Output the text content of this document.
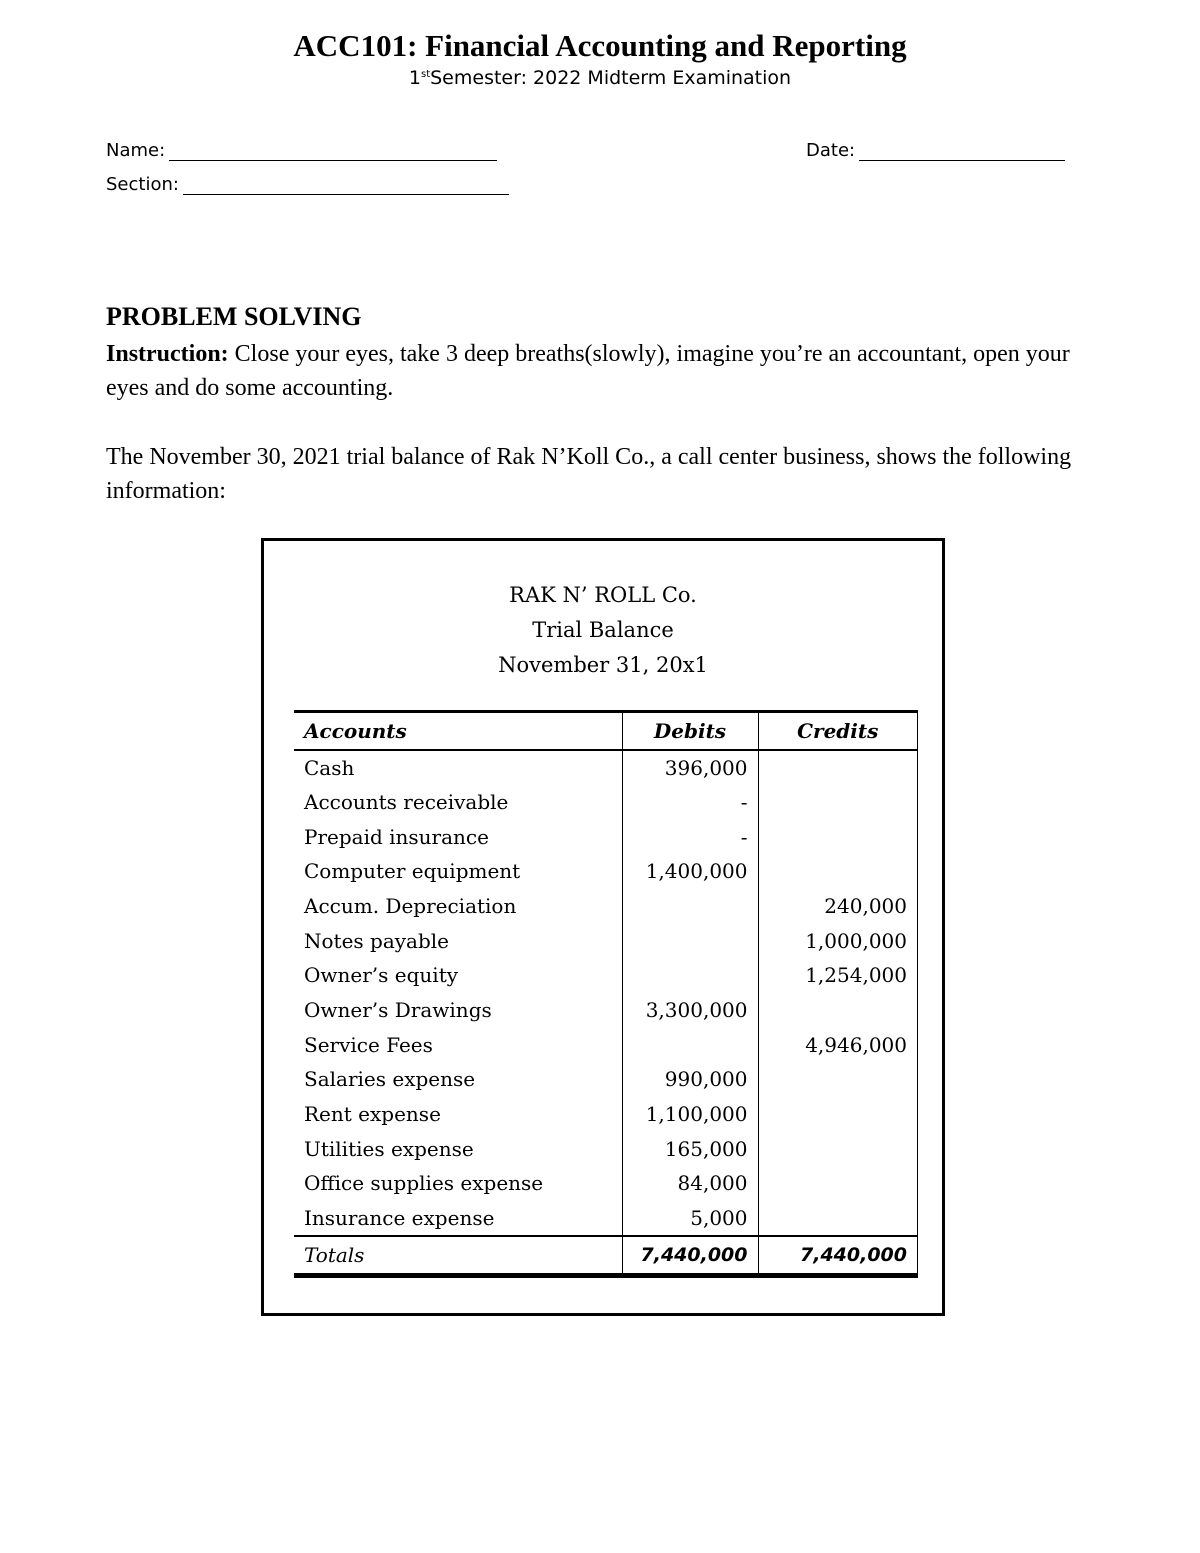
ACC101: Financial Accounting and Reporting
1stSemester: 2022 Midterm Examination
Name:
Section:
Date:
PROBLEM SOLVING
Instruction: Close your eyes, take 3 deep breaths(slowly), imagine you’re an accountant, open your eyes and do some accounting.
The November 30, 2021 trial balance of Rak N’Koll Co., a call center business, shows the following information:
RAK N’ ROLL Co.
Trial Balance
November 31, 20x1
Accounts	Debits	Credits
Cash	396,000	
Accounts receivable	-	
Prepaid insurance	-	
Computer equipment	1,400,000	
Accum. Depreciation		240,000
Notes payable		1,000,000
Owner’s equity		1,254,000
Owner’s Drawings	3,300,000	
Service Fees		4,946,000
Salaries expense	990,000	
Rent expense	1,100,000	
Utilities expense	165,000	
Office supplies expense	84,000	
Insurance expense	5,000	
Totals	7,440,000	7,440,000
